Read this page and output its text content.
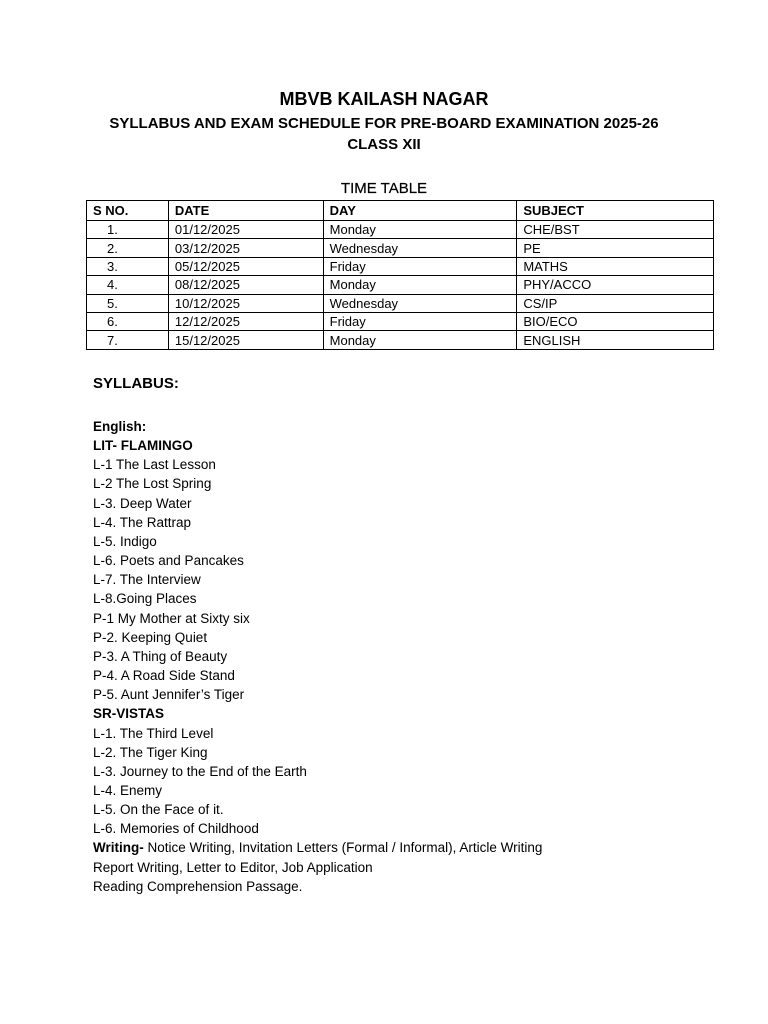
MBVB KAILASH NAGAR
SYLLABUS AND EXAM SCHEDULE FOR PRE-BOARD EXAMINATION 2025-26
CLASS XII
TIME TABLE
S NO.	DATE	DAY	SUBJECT
1.	01/12/2025	Monday	CHE/BST
2.	03/12/2025	Wednesday	PE
3.	05/12/2025	Friday	MATHS
4.	08/12/2025	Monday	PHY/ACCO
5.	10/12/2025	Wednesday	CS/IP
6.	12/12/2025	Friday	BIO/ECO
7.	15/12/2025	Monday	ENGLISH
SYLLABUS:
English:
LIT- FLAMINGO
L-1 The Last Lesson
L-2 The Lost Spring
L-3. Deep Water
L-4. The Rattrap
L-5. Indigo
L-6. Poets and Pancakes
L-7. The Interview
L-8.Going Places
P-1 My Mother at Sixty six
P-2. Keeping Quiet
P-3. A Thing of Beauty
P-4. A Road Side Stand
P-5. Aunt Jennifer’s Tiger
SR-VISTAS
L-1. The Third Level
L-2. The Tiger King
L-3. Journey to the End of the Earth
L-4. Enemy
L-5. On the Face of it.
L-6. Memories of Childhood
Writing- Notice Writing, Invitation Letters (Formal / Informal), Article Writing
Report Writing, Letter to Editor, Job Application
Reading Comprehension Passage.
